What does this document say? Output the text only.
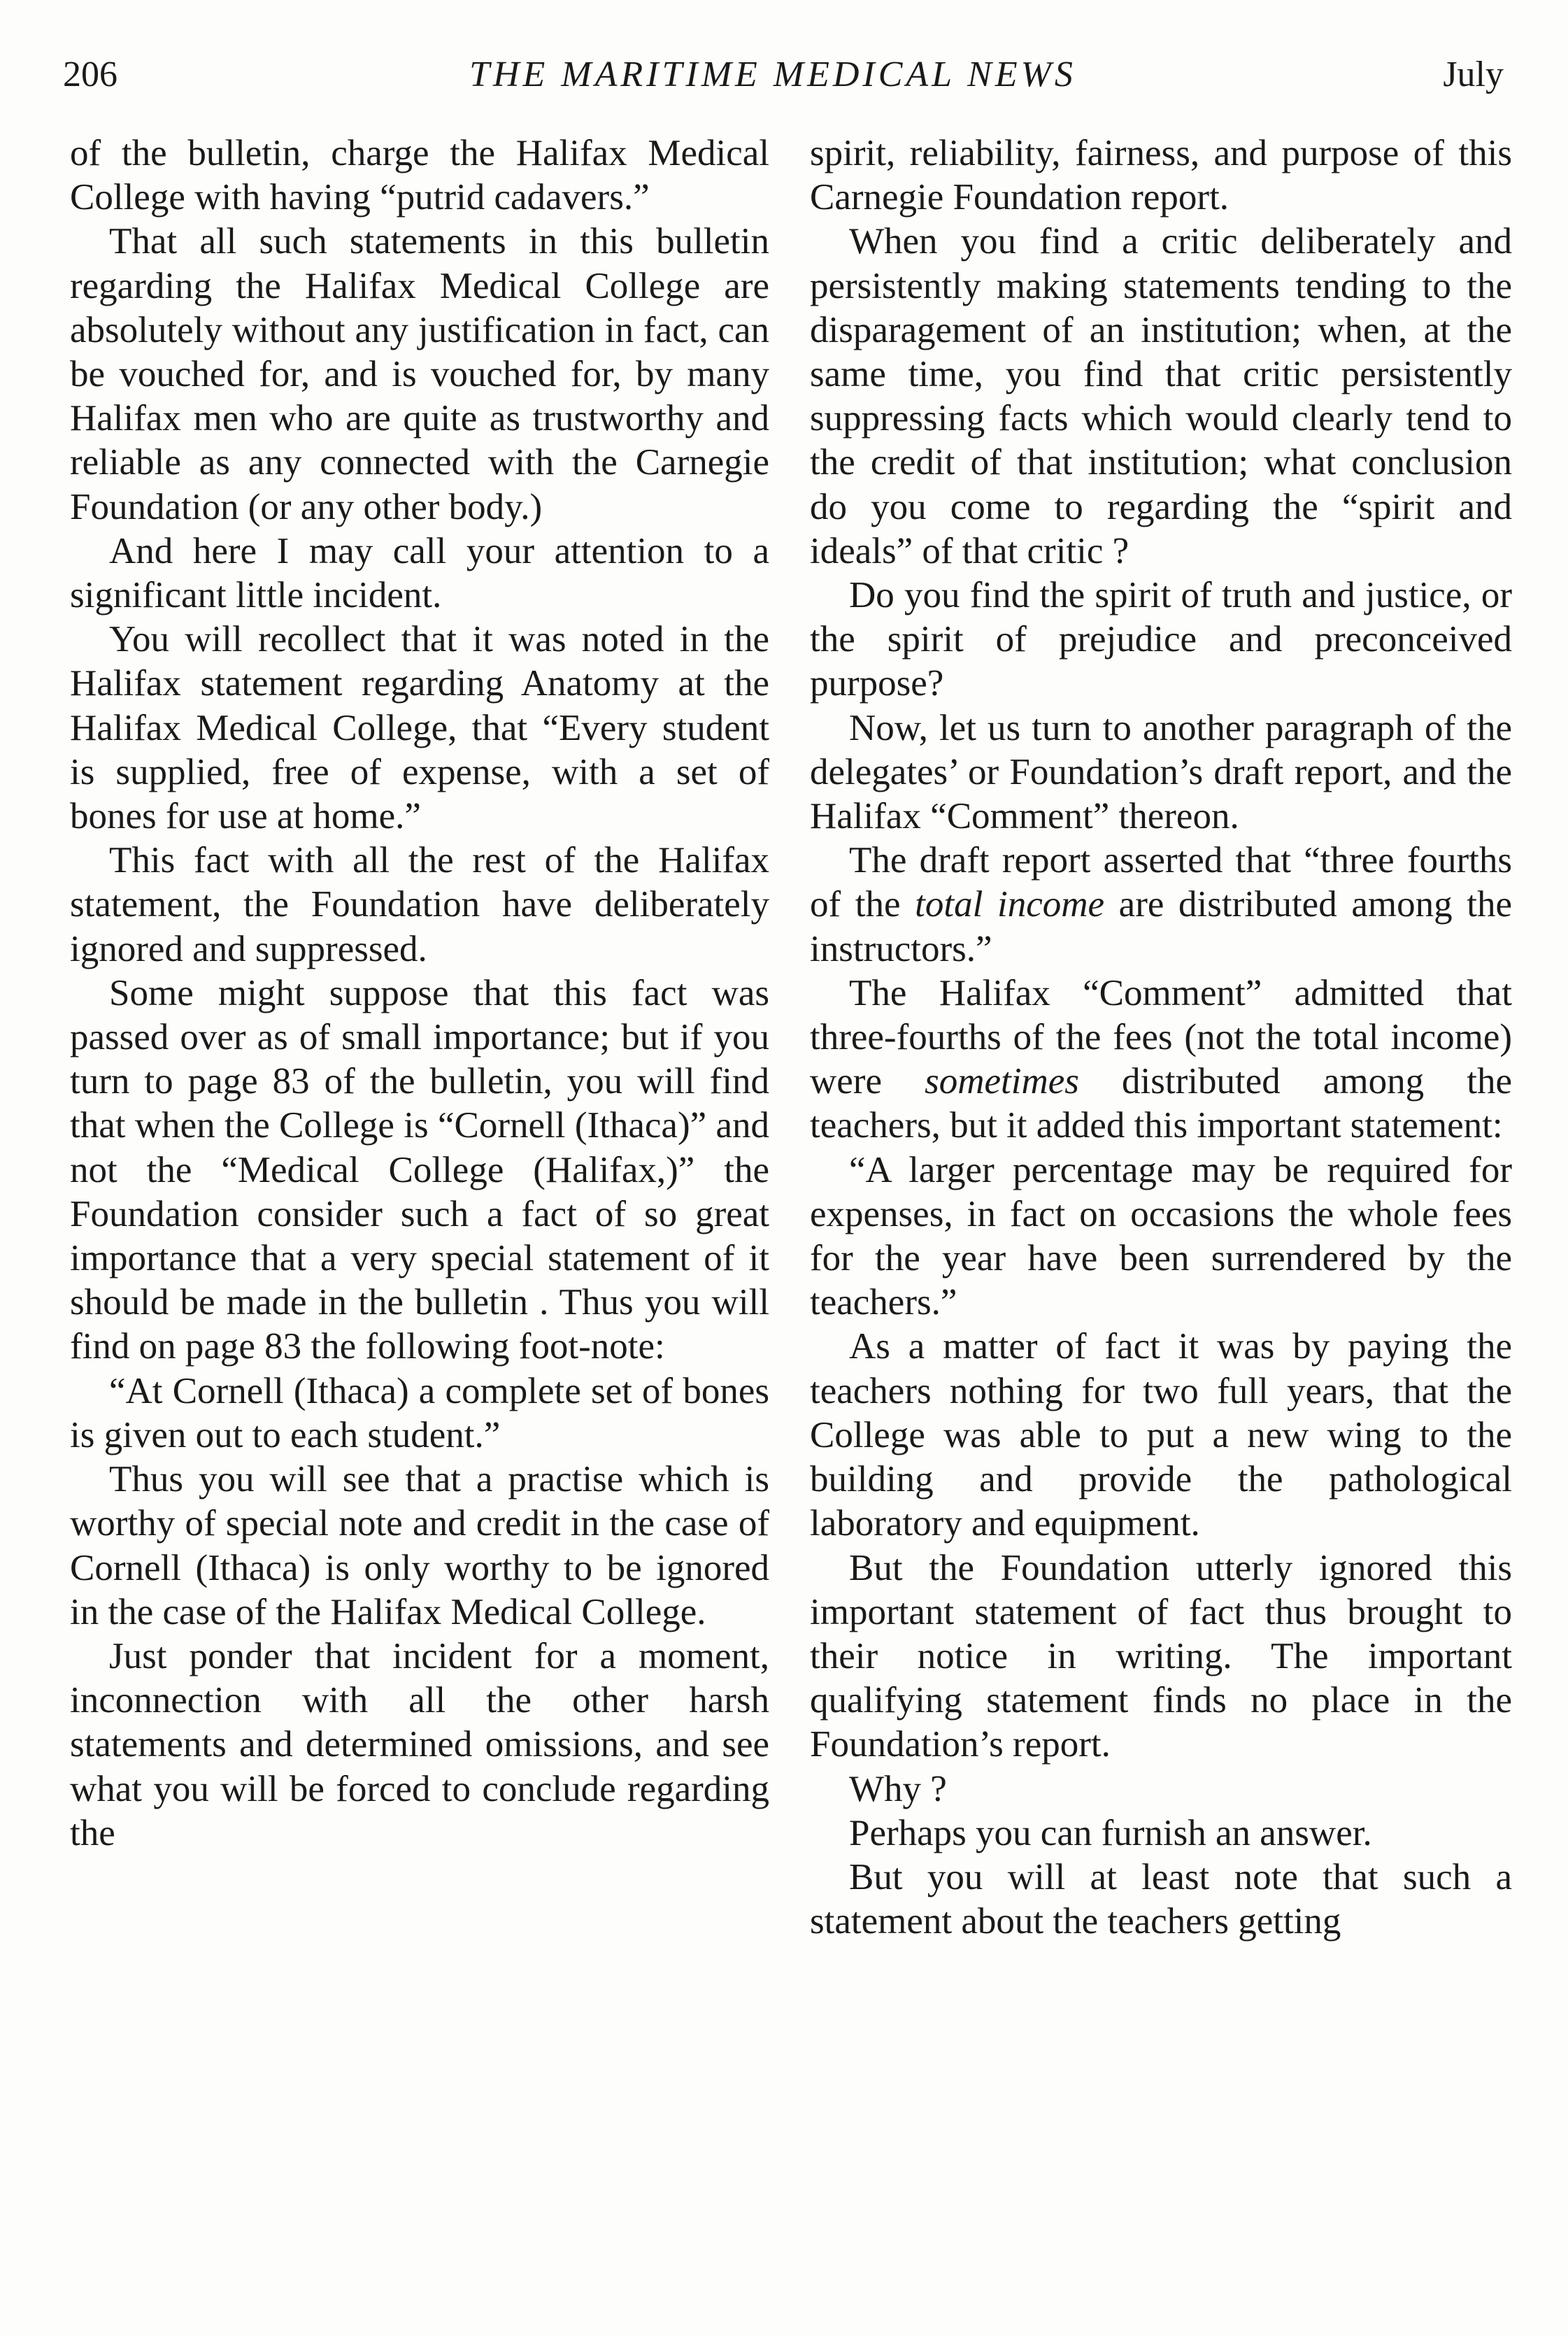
206	THE MARITIME MEDICAL NEWS	July

of the bulletin, charge the Halifax Medical College with having “putrid cadavers.”

That all such statements in this bulletin regarding the Halifax Medical College are absolutely without any justification in fact, can be vouched for, and is vouched for, by many Halifax men who are quite as trustworthy and reliable as any connected with the Carnegie Foundation (or any other body.)

And here I may call your attention to a significant little incident.

You will recollect that it was noted in the Halifax statement regarding Anatomy at the Halifax Medical College, that “Every student is supplied, free of expense, with a set of bones for use at home.”

This fact with all the rest of the Halifax statement, the Foundation have deliberately ignored and suppressed.

Some might suppose that this fact was passed over as of small importance; but if you turn to page 83 of the bulletin, you will find that when the College is “Cornell (Ithaca)” and not the “Medical College (Halifax,)” the Foundation consider such a fact of so great importance that a very special statement of it should be made in the bulletin . Thus you will find on page 83 the following foot-note:

“At Cornell (Ithaca) a complete set of bones is given out to each student.”

Thus you will see that a practise which is worthy of special note and credit in the case of Cornell (Ithaca) is only worthy to be ignored in the case of the Halifax Medical College.

Just ponder that incident for a moment, inconnection with all the other harsh statements and determined omissions, and see what you will be forced to conclude regarding the

spirit, reliability, fairness, and purpose of this Carnegie Foundation report.

When you find a critic deliberately and persistently making statements tending to the disparagement of an institution; when, at the same time, you find that critic persistently suppressing facts which would clearly tend to the credit of that institution; what conclusion do you come to regarding the “spirit and ideals” of that critic ?

Do you find the spirit of truth and justice, or the spirit of prejudice and preconceived purpose?

Now, let us turn to another paragraph of the delegates’ or Foundation’s draft report, and the Halifax “Comment” thereon.

The draft report asserted that “three fourths of the total income are distributed among the instructors.”

The Halifax “Comment” admitted that three-fourths of the fees (not the total income) were sometimes distributed among the teachers, but it added this important statement:

“A larger percentage may be required for expenses, in fact on occasions the whole fees for the year have been surrendered by the teachers.”

As a matter of fact it was by paying the teachers nothing for two full years, that the College was able to put a new wing to the building and provide the pathological laboratory and equipment.

But the Foundation utterly ignored this important statement of fact thus brought to their notice in writing. The important qualifying statement finds no place in the Foundation’s report.

Why ?

Perhaps you can furnish an answer.

But you will at least note that such a statement about the teachers getting
